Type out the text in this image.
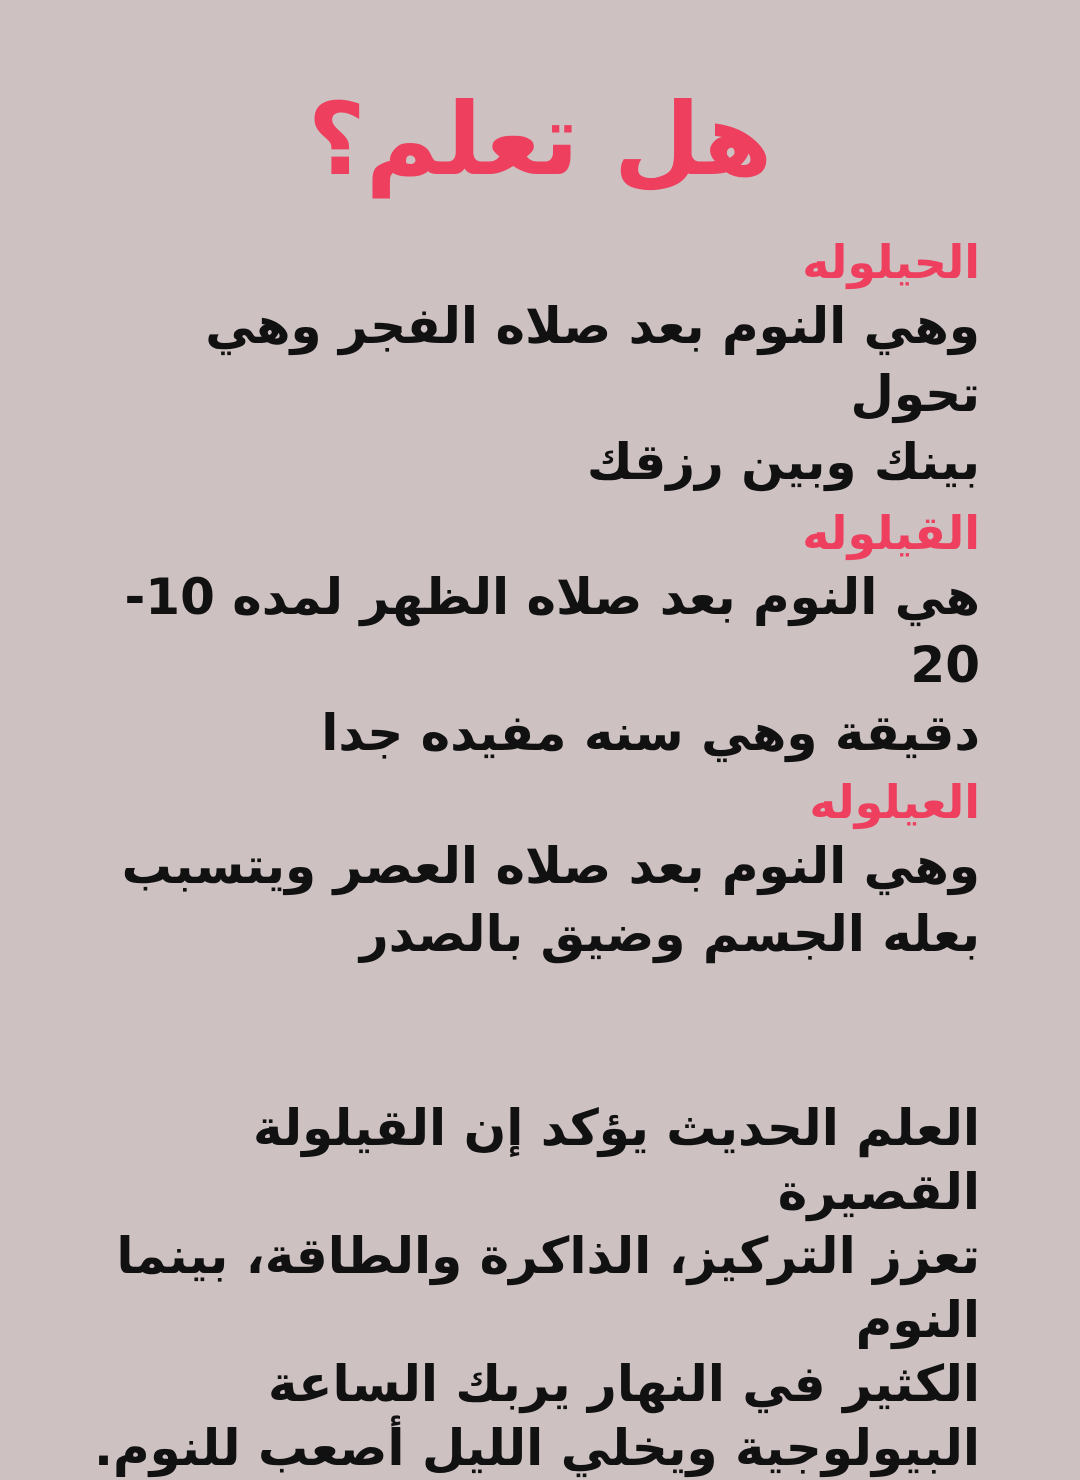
هل تعلم؟

الحيلوله

وهي النوم بعد صلاه الفجر وهي تحول
بينك وبين رزقك

القيلوله

هي النوم بعد صلاه الظهر لمده 10-20
دقيقة وهي سنه مفيده جدا

العيلوله

وهي النوم بعد صلاه العصر ويتسبب
بعله الجسم وضيق بالصدر

العلم الحديث يؤكد إن القيلولة القصيرة
تعزز التركيز، الذاكرة والطاقة، بينما النوم
الكثير في النهار يربك الساعة
البيولوجية ويخلي الليل أصعب للنوم.
